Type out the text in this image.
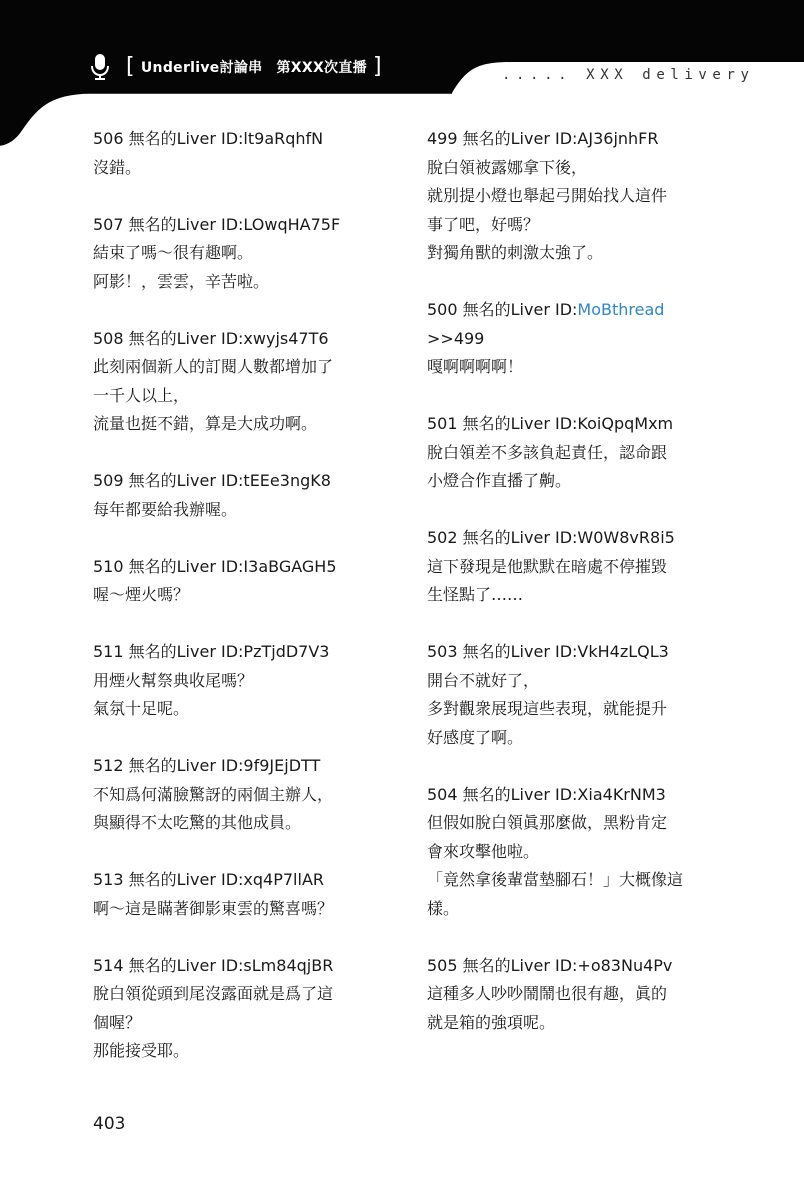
[ Underlive討論串 第XXX次直播 ]	..... XXX delivery
506 無名的Liver ID:lt9aRqhfN
沒錯。
507 無名的Liver ID:LOwqHA75F
結束了嗎～很有趣啊。
阿影！，雲雲，辛苦啦。
508 無名的Liver ID:xwyjs47T6
此刻兩個新人的訂閱人數都增加了
一千人以上，
流量也挺不錯，算是大成功啊。
509 無名的Liver ID:tEEe3ngK8
每年都要給我辦喔。
510 無名的Liver ID:I3aBGAGH5
喔～煙火嗎？
511 無名的Liver ID:PzTjdD7V3
用煙火幫祭典收尾嗎？
氣氛十足呢。
512 無名的Liver ID:9f9JEjDTT
不知爲何滿臉驚訝的兩個主辦人，
與顯得不太吃驚的其他成員。
513 無名的Liver ID:xq4P7llAR
啊～這是瞞著御影東雲的驚喜嗎？
514 無名的Liver ID:sLm84qjBR
脫白領從頭到尾沒露面就是爲了這
個喔？
那能接受耶。
499 無名的Liver ID:AJ36jnhFR
脫白領被露娜拿下後，
就別提小燈也舉起弓開始找人這件
事了吧，好嗎？
對獨角獸的刺激太強了。
500 無名的Liver ID:MoBthread
>>499
嘎啊啊啊啊！
501 無名的Liver ID:KoiQpqMxm
脫白領差不多該負起責任，認命跟
小燈合作直播了齁。
502 無名的Liver ID:W0W8vR8i5
這下發現是他默默在暗處不停摧毀
生怪點了……
503 無名的Liver ID:VkH4zLQL3
開台不就好了，
多對觀衆展現這些表現，就能提升
好感度了啊。
504 無名的Liver ID:Xia4KrNM3
但假如脫白領眞那麼做，黑粉肯定
會來攻擊他啦。
「竟然拿後輩當墊腳石！」大概像這
樣。
505 無名的Liver ID:+o83Nu4Pv
這種多人吵吵鬧鬧也很有趣，眞的
就是箱的強項呢。
403
